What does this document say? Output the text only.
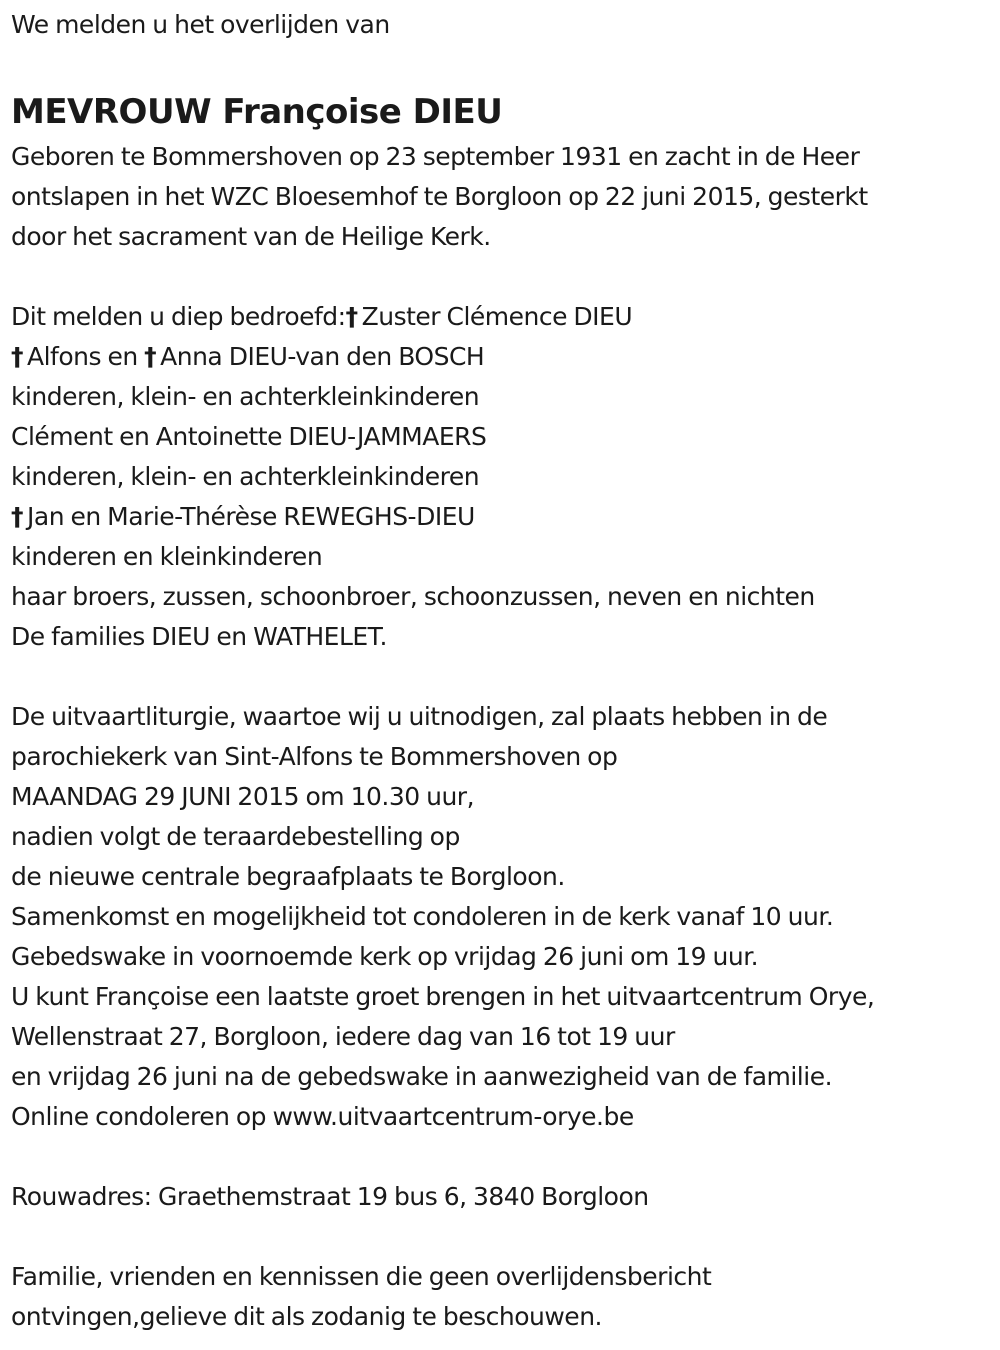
We melden u het overlijden van
MEVROUW Françoise DIEU
Geboren te Bommershoven op 23 september 1931 en zacht in de Heer
ontslapen in het WZC Bloesemhof te Borgloon op 22 juni 2015, gesterkt
door het sacrament van de Heilige Kerk.
Dit melden u diep bedroefd:† Zuster Clémence DIEU
† Alfons en † Anna DIEU-van den BOSCH
kinderen, klein- en achterkleinkinderen
Clément en Antoinette DIEU-JAMMAERS
kinderen, klein- en achterkleinkinderen
† Jan en Marie-Thérèse REWEGHS-DIEU
kinderen en kleinkinderen
haar broers, zussen, schoonbroer, schoonzussen, neven en nichten
De families DIEU en WATHELET.
De uitvaartliturgie, waartoe wij u uitnodigen, zal plaats hebben in de
parochiekerk van Sint-Alfons te Bommershoven op
MAANDAG 29 JUNI 2015 om 10.30 uur,
nadien volgt de teraardebestelling op
de nieuwe centrale begraafplaats te Borgloon.
Samenkomst en mogelijkheid tot condoleren in de kerk vanaf 10 uur.
Gebedswake in voornoemde kerk op vrijdag 26 juni om 19 uur.
U kunt Françoise een laatste groet brengen in het uitvaartcentrum Orye,
Wellenstraat 27, Borgloon, iedere dag van 16 tot 19 uur
en vrijdag 26 juni na de gebedswake in aanwezigheid van de familie.
Online condoleren op www.uitvaartcentrum-orye.be
Rouwadres: Graethemstraat 19 bus 6, 3840 Borgloon
Familie, vrienden en kennissen die geen overlijdensbericht
ontvingen,gelieve dit als zodanig te beschouwen.
